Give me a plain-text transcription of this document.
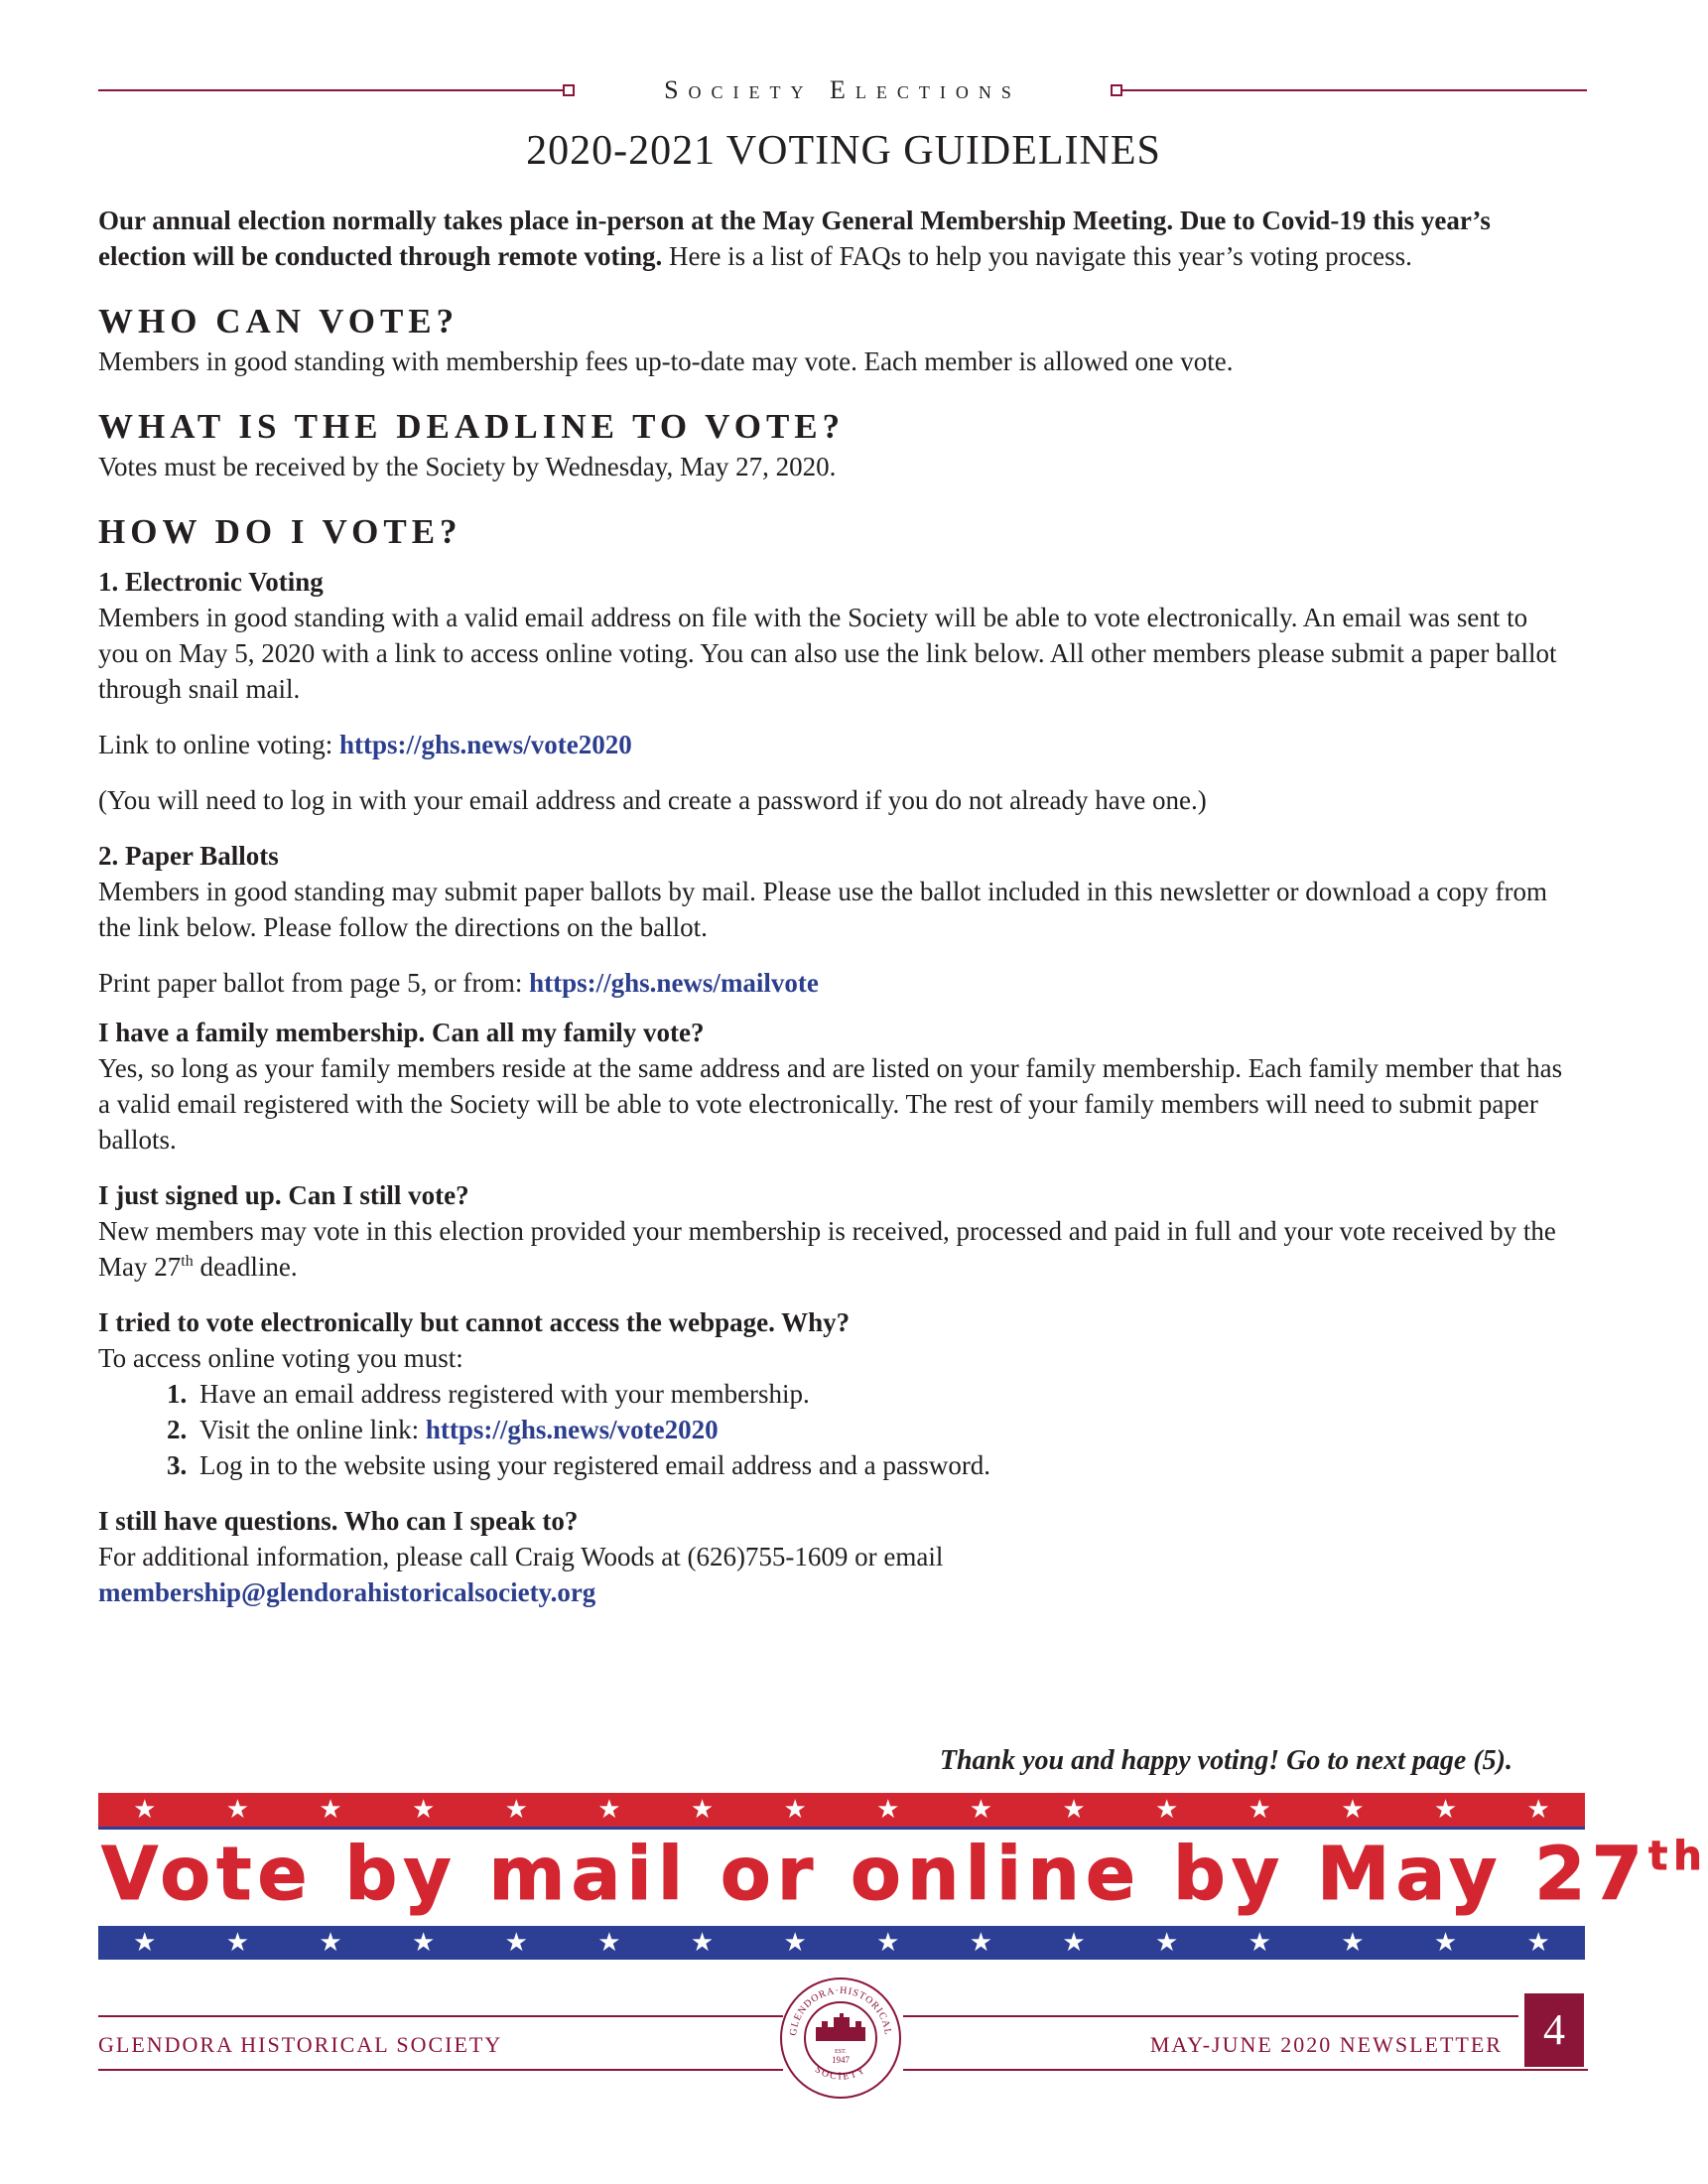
Society Elections
2020-2021 VOTING GUIDELINES

Our annual election normally takes place in-person at the May General Membership Meeting. Due to Covid-19 this year’s election will be conducted through remote voting. Here is a list of FAQs to help you navigate this year’s voting process.

WHO CAN VOTE?

Members in good standing with membership fees up-to-date may vote. Each member is allowed one vote.

WHAT IS THE DEADLINE TO VOTE?

Votes must be received by the Society by Wednesday, May 27, 2020.

HOW DO I VOTE?

1. Electronic Voting

Members in good standing with a valid email address on file with the Society will be able to vote electronically. An email was sent to you on May 5, 2020 with a link to access online voting. You can also use the link below. All other members please submit a paper ballot through snail mail.

Link to online voting: https://ghs.news/vote2020

(You will need to log in with your email address and create a password if you do not already have one.)

2. Paper Ballots

Members in good standing may submit paper ballots by mail. Please use the ballot included in this newsletter or download a copy from the link below. Please follow the directions on the ballot.

Print paper ballot from page 5, or from: https://ghs.news/mailvote

I have a family membership. Can all my family vote?

Yes, so long as your family members reside at the same address and are listed on your family membership. Each family member that has a valid email registered with the Society will be able to vote electronically. The rest of your family members will need to submit paper ballots.

I just signed up. Can I still vote?

New members may vote in this election provided your membership is received, processed and paid in full and your vote received by the May 27th deadline.

I tried to vote electronically but cannot access the webpage. Why?

To access online voting you must:

1. Have an email address registered with your membership.
2. Visit the online link: https://ghs.news/vote2020
3. Log in to the website using your registered email address and a password.

I still have questions. Who can I speak to?

For additional information, please call Craig Woods at (626)755-1609 or email

membership@glendorahistoricalsociety.org

Thank you and happy voting! Go to next page (5).
★	★	★	★	★	★	★	★	★	★	★	★	★	★	★	★
Vote by mail or online by May 27th
★	★	★	★	★	★	★	★	★	★	★	★	★	★	★	★
GLENDORA HISTORICAL SOCIETY	MAY-JUNE 2020 NEWSLETTER
GLENDORA·HISTORICAL
SOCIETY
EST.
1947
4
